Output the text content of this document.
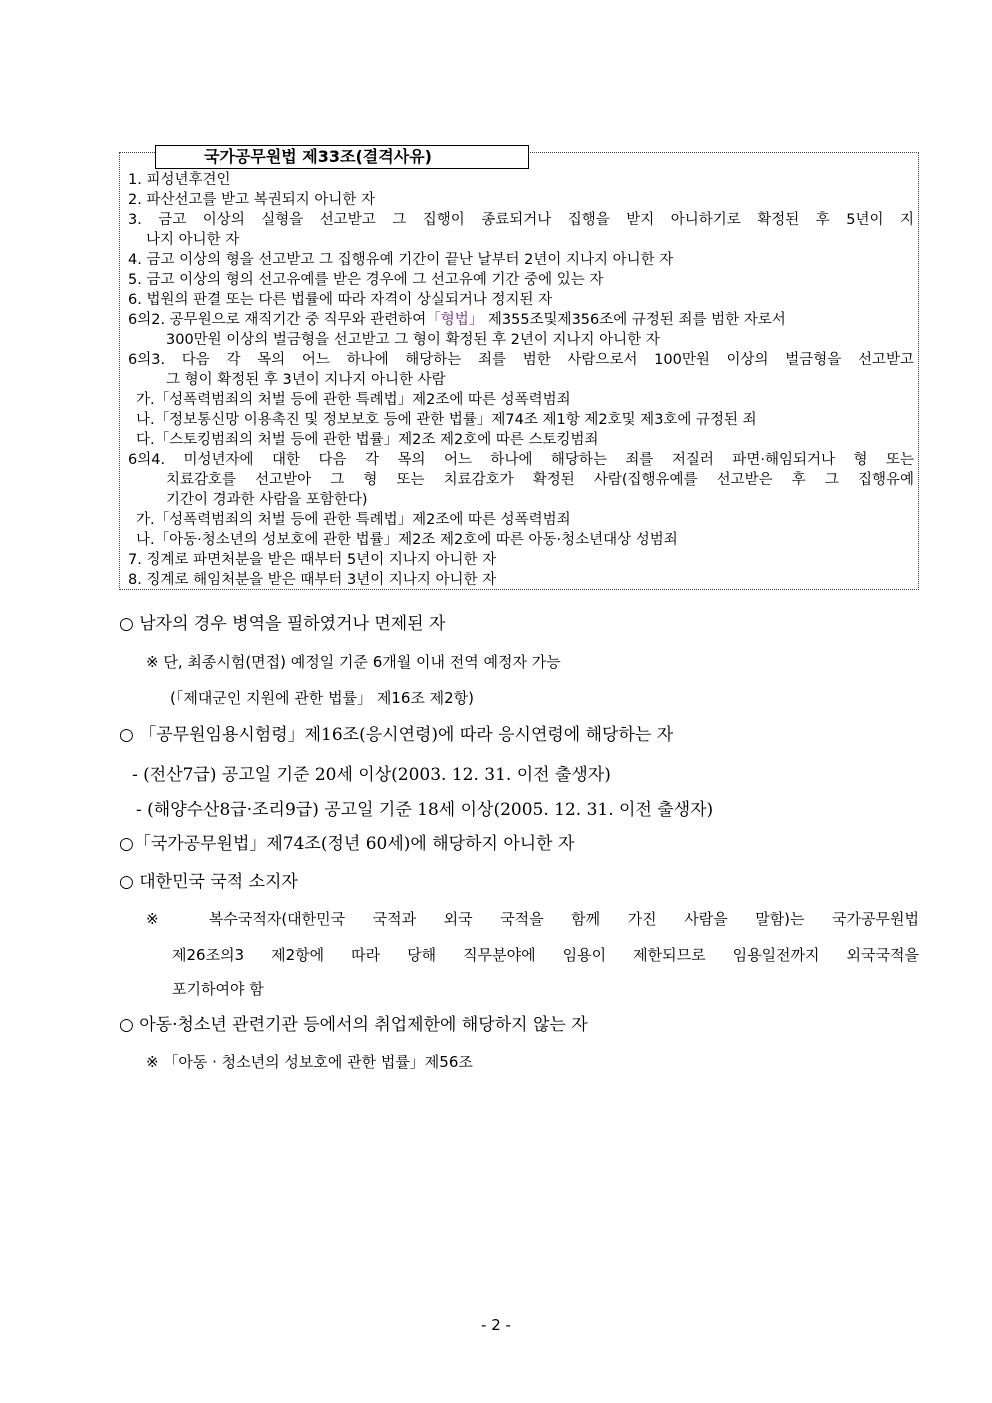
국가공무원법 제33조(결격사유)
1. 피성년후견인
2. 파산선고를 받고 복권되지 아니한 자
3. 금고 이상의 실형을 선고받고 그 집행이 종료되거나 집행을 받지 아니하기로 확정된 후 5년이 지
나지 아니한 자
4. 금고 이상의 형을 선고받고 그 집행유예 기간이 끝난 날부터 2년이 지나지 아니한 자
5. 금고 이상의 형의 선고유예를 받은 경우에 그 선고유예 기간 중에 있는 자
6. 법원의 판결 또는 다른 법률에 따라 자격이 상실되거나 정지된 자
6의2. 공무원으로 재직기간 중 직무와 관련하여「형법」 제355조및제356조에 규정된 죄를 범한 자로서
300만원 이상의 벌금형을 선고받고 그 형이 확정된 후 2년이 지나지 아니한 자
6의3. 다음 각 목의 어느 하나에 해당하는 죄를 범한 사람으로서 100만원 이상의 벌금형을 선고받고
그 형이 확정된 후 3년이 지나지 아니한 사람
가.「성폭력범죄의 처벌 등에 관한 특례법」제2조에 따른 성폭력범죄
나.「정보통신망 이용촉진 및 정보보호 등에 관한 법률」제74조 제1항 제2호및 제3호에 규정된 죄
다.「스토킹범죄의 처벌 등에 관한 법률」제2조 제2호에 따른 스토킹범죄
6의4. 미성년자에 대한 다음 각 목의 어느 하나에 해당하는 죄를 저질러 파면·해임되거나 형 또는
치료감호를 선고받아 그 형 또는 치료감호가 확정된 사람(집행유예를 선고받은 후 그 집행유예
기간이 경과한 사람을 포함한다)
가.「성폭력범죄의 처벌 등에 관한 특례법」제2조에 따른 성폭력범죄
나.「아동·청소년의 성보호에 관한 법률」제2조 제2호에 따른 아동·청소년대상 성범죄
7. 징계로 파면처분을 받은 때부터 5년이 지나지 아니한 자
8. 징계로 해임처분을 받은 때부터 3년이 지나지 아니한 자
○ 남자의 경우 병역을 필하였거나 면제된 자
※ 단, 최종시험(면접) 예정일 기준 6개월 이내 전역 예정자 가능
(「제대군인 지원에 관한 법률」 제16조 제2항)
○ 「공무원임용시험령」제16조(응시연령)에 따라 응시연령에 해당하는 자
- (전산7급) 공고일 기준 20세 이상(2003. 12. 31. 이전 출생자)
- (해양수산8급·조리9급) 공고일 기준 18세 이상(2005. 12. 31. 이전 출생자)
○「국가공무원법」제74조(정년 60세)에 해당하지 아니한 자
○ 대한민국 국적 소지자
※ 복수국적자(대한민국 국적과 외국 국적을 함께 가진 사람을 말함)는 국가공무원법
제26조의3 제2항에 따라 당해 직무분야에 임용이 제한되므로 임용일전까지 외국국적을
포기하여야 함
○ 아동·청소년 관련기관 등에서의 취업제한에 해당하지 않는 자
※ 「아동 · 청소년의 성보호에 관한 법률」제56조
- 2 -
